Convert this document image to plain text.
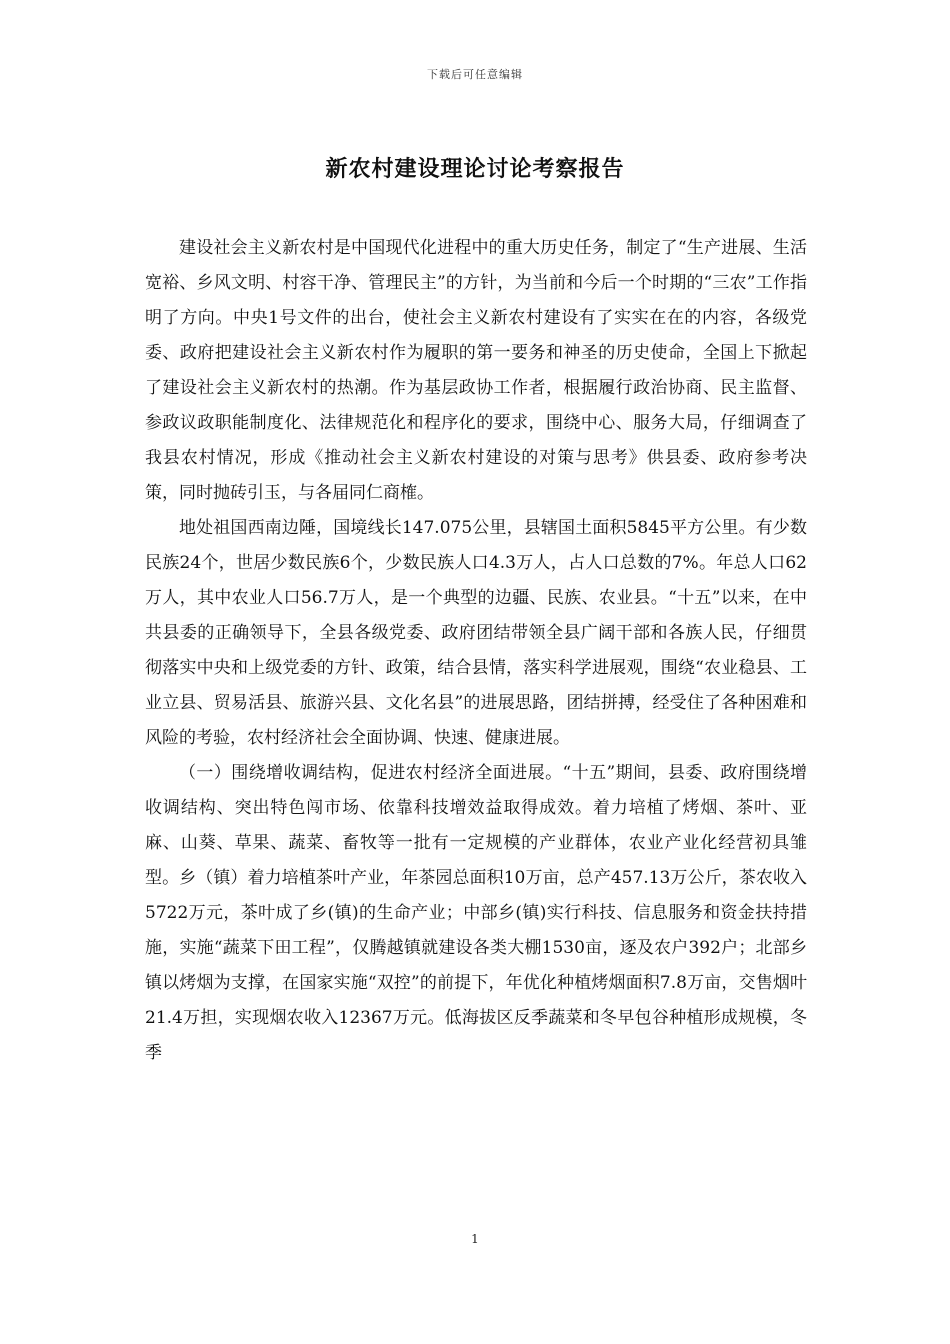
下载后可任意编辑
新农村建设理论讨论考察报告

建设社会主义新农村是中国现代化进程中的重大历史任务，制定了“生产进展、生活宽裕、乡风文明、村容干净、管理民主”的方针，为当前和今后一个时期的“三农”工作指明了方向。中央1号文件的出台，使社会主义新农村建设有了实实在在的内容，各级党委、政府把建设社会主义新农村作为履职的第一要务和神圣的历史使命，全国上下掀起了建设社会主义新农村的热潮。作为基层政协工作者，根据履行政治协商、民主监督、参政议政职能制度化、法律规范化和程序化的要求，围绕中心、服务大局，仔细调查了我县农村情况，形成《推动社会主义新农村建设的对策与思考》供县委、政府参考决策，同时抛砖引玉，与各届同仁商榷。

地处祖国西南边陲，国境线长147.075公里，县辖国土面积5845平方公里。有少数民族24个，世居少数民族6个，少数民族人口4.3万人，占人口总数的7%。年总人口62万人，其中农业人口56.7万人，是一个典型的边疆、民族、农业县。“十五”以来，在中共县委的正确领导下，全县各级党委、政府团结带领全县广阔干部和各族人民，仔细贯彻落实中央和上级党委的方针、政策，结合县情，落实科学进展观，围绕“农业稳县、工业立县、贸易活县、旅游兴县、文化名县”的进展思路，团结拼搏，经受住了各种困难和风险的考验，农村经济社会全面协调、快速、健康进展。

（一）围绕增收调结构，促进农村经济全面进展。“十五”期间，县委、政府围绕增收调结构、突出特色闯市场、依靠科技增效益取得成效。着力培植了烤烟、茶叶、亚麻、山葵、草果、蔬菜、畜牧等一批有一定规模的产业群体，农业产业化经营初具雏型。乡（镇）着力培植茶叶产业，年茶园总面积10万亩，总产457.13万公斤，茶农收入5722万元，茶叶成了乡(镇)的生命产业；中部乡(镇)实行科技、信息服务和资金扶持措施，实施“蔬菜下田工程”，仅腾越镇就建设各类大棚1530亩，逐及农户392户；北部乡镇以烤烟为支撑，在国家实施“双控”的前提下，年优化种植烤烟面积7.8万亩，交售烟叶21.4万担，实现烟农收入12367万元。低海拔区反季蔬菜和冬早包谷种植形成规模，冬季

1
